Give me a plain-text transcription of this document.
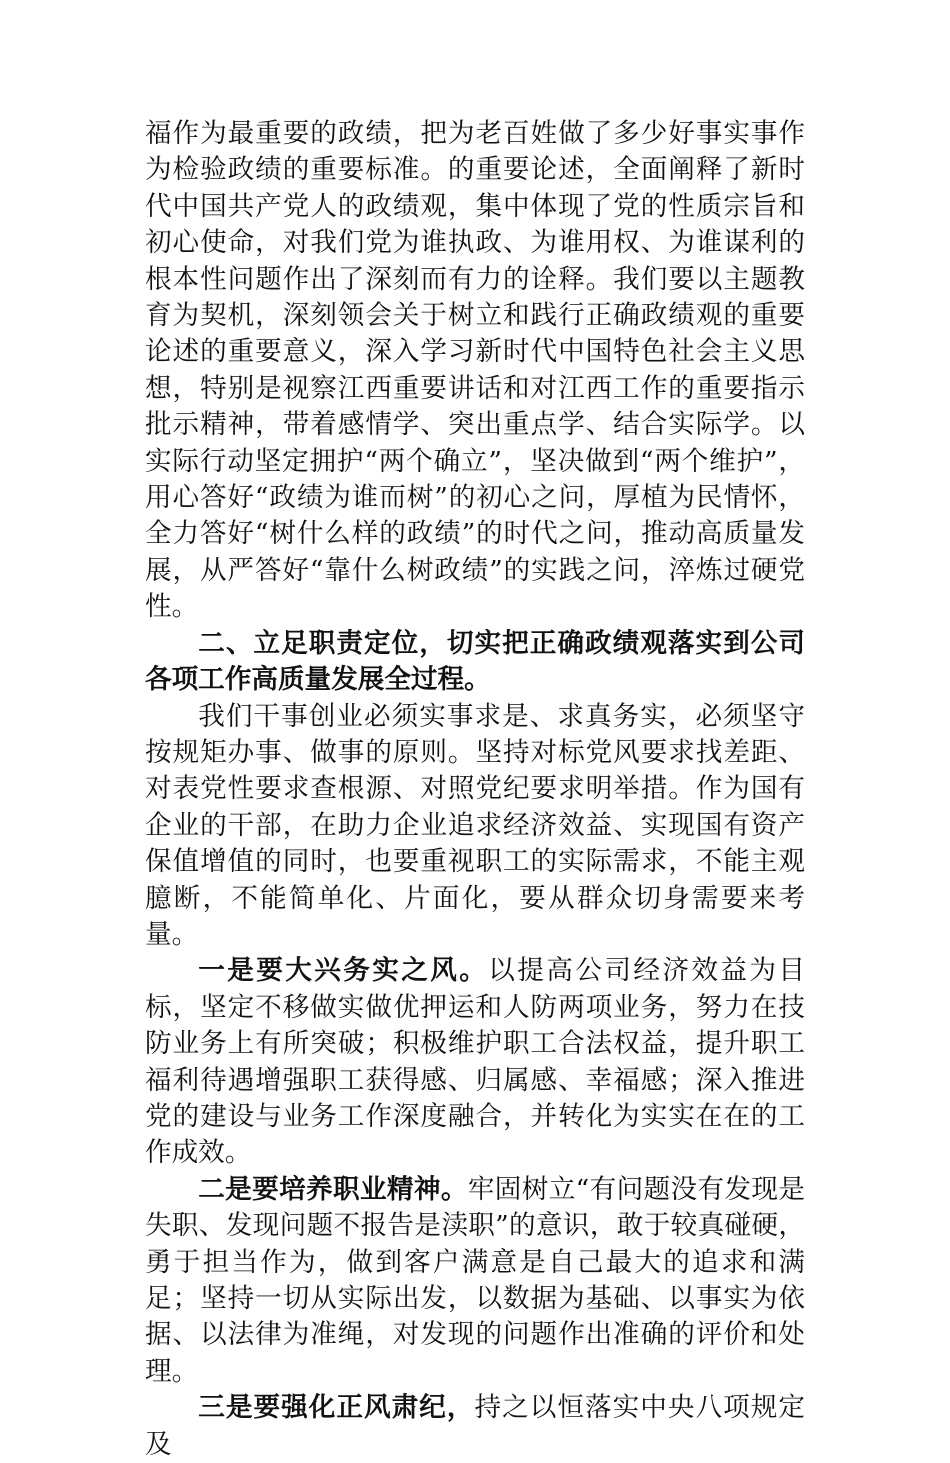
福作为最重要的政绩，把为老百姓做了多少好事实事作为检验政绩的重要标准。的重要论述，全面阐释了新时代中国共产党人的政绩观，集中体现了党的性质宗旨和初心使命，对我们党为谁执政、为谁用权、为谁谋利的根本性问题作出了深刻而有力的诠释。我们要以主题教育为契机，深刻领会关于树立和践行正确政绩观的重要论述的重要意义，深入学习新时代中国特色社会主义思想，特别是视察江西重要讲话和对江西工作的重要指示批示精神，带着感情学、突出重点学、结合实际学。以实际行动坚定拥护“两个确立”，坚决做到“两个维护”，用心答好“政绩为谁而树”的初心之问，厚植为民情怀，全力答好“树什么样的政绩”的时代之问，推动高质量发展，从严答好“靠什么树政绩”的实践之问，淬炼过硬党性。

二、立足职责定位，切实把正确政绩观落实到公司各项工作高质量发展全过程。

我们干事创业必须实事求是、求真务实，必须坚守按规矩办事、做事的原则。坚持对标党风要求找差距、对表党性要求查根源、对照党纪要求明举措。作为国有企业的干部，在助力企业追求经济效益、实现国有资产保值增值的同时，也要重视职工的实际需求，不能主观臆断，不能简单化、片面化，要从群众切身需要来考量。

一是要大兴务实之风。以提高公司经济效益为目标，坚定不移做实做优押运和人防两项业务，努力在技防业务上有所突破；积极维护职工合法权益，提升职工福利待遇增强职工获得感、归属感、幸福感；深入推进党的建设与业务工作深度融合，并转化为实实在在的工作成效。

二是要培养职业精神。牢固树立“有问题没有发现是失职、发现问题不报告是渎职”的意识，敢于较真碰硬，勇于担当作为，做到客户满意是自己最大的追求和满足；坚持一切从实际出发，以数据为基础、以事实为依据、以法律为准绳，对发现的问题作出准确的评价和处理。

三是要强化正风肃纪，持之以恒落实中央八项规定及
